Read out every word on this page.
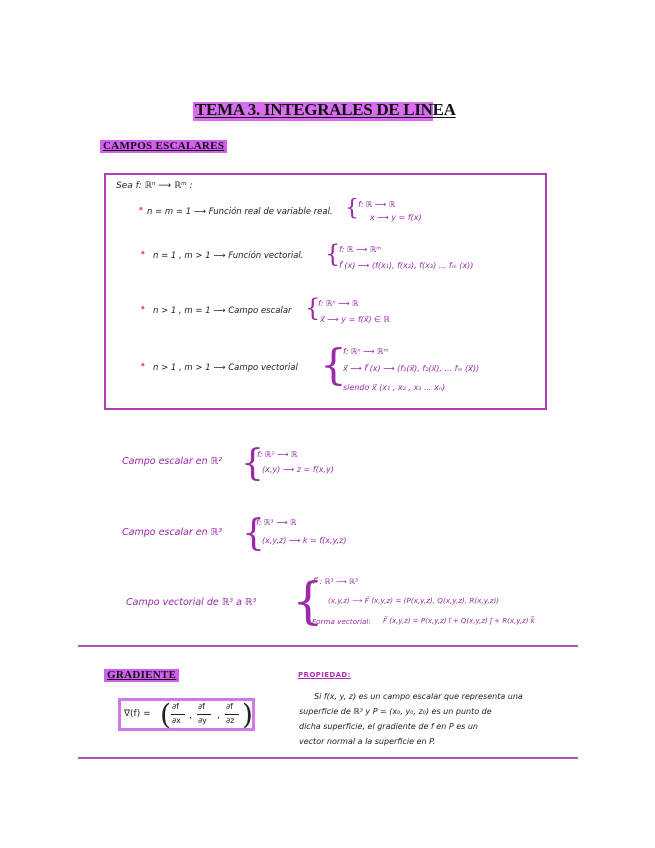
TEMA 3. INTEGRALES DE LINEA
CAMPOS ESCALARES
Sea f: ℝⁿ ⟶ ℝᵐ :
• n = m = 1 ⟶ Función real de variable real. { f: ℝ ⟶ ℝ
x ⟶ y = f(x)
• n = 1 , m > 1 ⟶ Función vectorial. {
f: ℝ ⟶ ℝᵐ
f⃗ (x) ⟶ (f(x₁), f(x₂), f(x₃) ... fₘ (x))
• n > 1 , m = 1 ⟶ Campo escalar {
f: ℝⁿ ⟶ ℝ
x⃗ ⟶ y = f(x⃗) ∈ ℝ
• n > 1 , m > 1 ⟶ Campo vectorial {
f: ℝⁿ ⟶ ℝᵐ
x⃗ ⟶ f⃗ (x) ⟶ (f₁(x⃗), f₂(x⃗), ... fₘ (x⃗))
siendo x⃗ (x₁ , x₂ , x₃ ... xₙ)
Campo escalar en ℝ² {
f: ℝ² ⟶ ℝ
(x,y) ⟶ z = f(x,y)
Campo escalar en ℝ³ {
f: ℝ³ ⟶ ℝ
(x,y,z) ⟶ k = f(x,y,z)
Campo vectorial de ℝ³ a ℝ³ {
F⃗ : ℝ³ ⟶ ℝ³
(x,y,z) ⟶ F⃗ (x,y,z) = (P(x,y,z), Q(x,y,z), R(x,y,z))
Forma vectorial: F⃗ (x,y,z) = P(x,y,z) i⃗ + Q(x,y,z) j⃗ + R(x,y,z) k⃗
GRADIENTE
∇(f) = (	)
∂f
∂x ,
∂f
∂y ,
∂f
∂z
PROPIEDAD:
Si f(x, y, z) es un campo escalar que representa una
superficie de ℝ³ y P = (x₀, y₀, z₀) es un punto de
dicha superficie, el gradiente de f en P es un
vector normal a la superficie en P.
